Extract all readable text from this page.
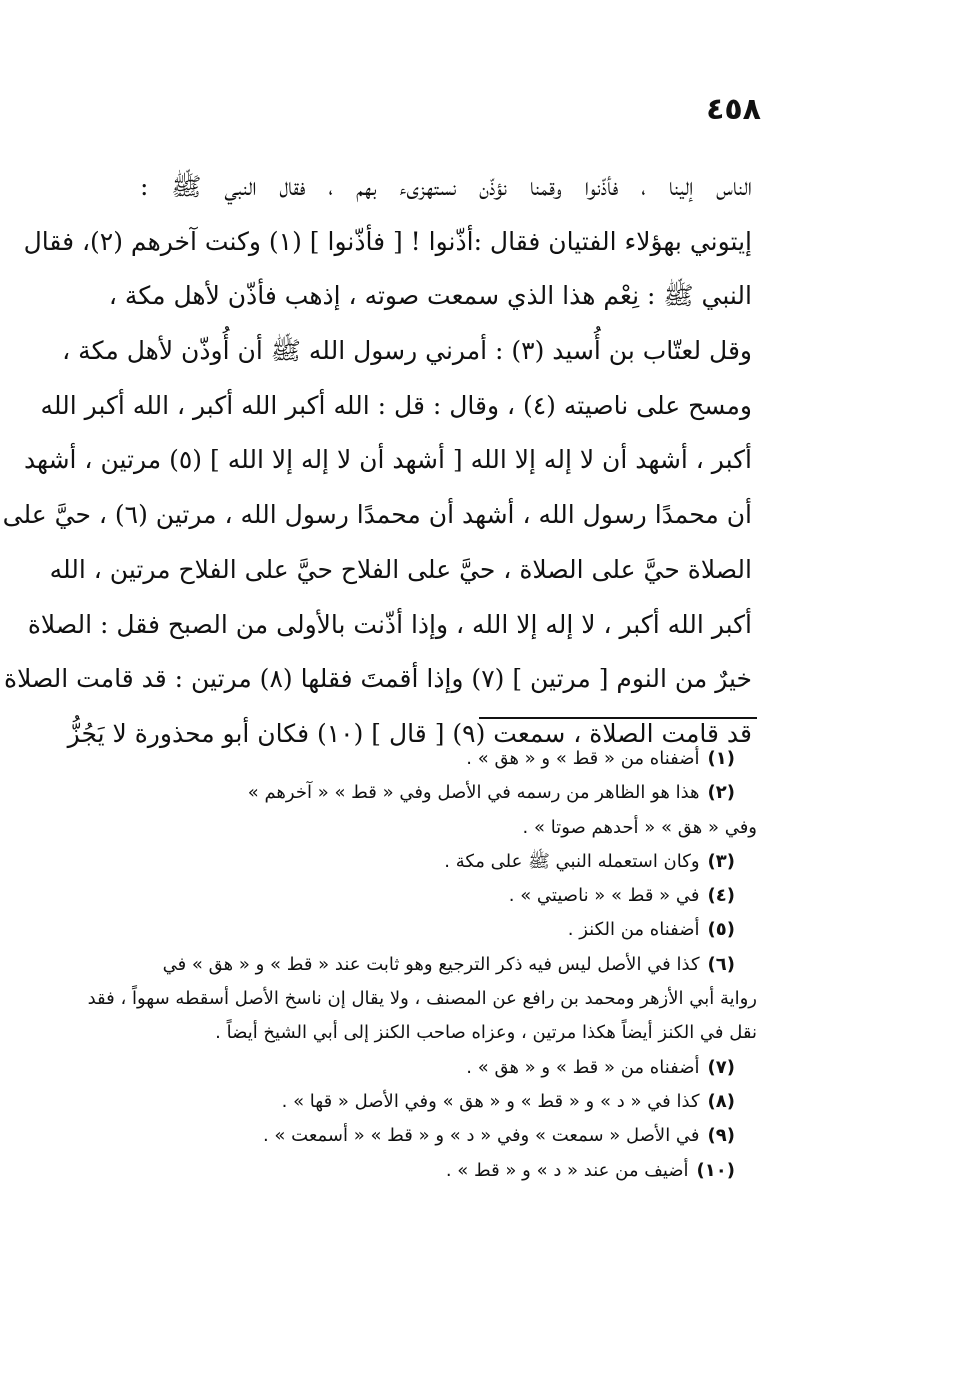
٤٥٨
الناس إلينا ، فأذّنوا وقمنا نؤذّن نستهزىء بهم ، فقال النبي ﷺ :
إيتوني بهؤلاء الفتيان فقال :أذّنوا ! [ فأذّنوا ] (١) وكنت آخرهم (٢)، فقال
النبي ﷺ : نِعْم هذا الذي سمعت صوته ، إذهب فأذّن لأهل مكة ،
وقل لعتّاب بن أُسيد (٣) : أمرني رسول الله ﷺ أن أُوذّن لأهل مكة ،
ومسح على ناصيته (٤) ، وقال : قل : الله أكبر الله أكبر ، الله أكبر الله
أكبر ، أشهد أن لا إله إلا الله [ أشهد أن لا إله إلا الله ] (٥) مرتين ، أشهد
أن محمدًا رسول الله ، أشهد أن محمدًا رسول الله ، مرتين (٦) ، حيَّ على
الصلاة حيَّ على الصلاة ، حيَّ على الفلاح حيَّ على الفلاح مرتين ، الله
أكبر الله أكبر ، لا إله إلا الله ، وإذا أذّنت بالأولى من الصبح فقل : الصلاة
خيرٌ من النوم [ مرتين ] (٧) وإذا أقمتَ فقلها (٨) مرتين : قد قامت الصلاة
قد قامت الصلاة ، سمعت (٩) [ قال ] (١٠) فكان أبو محذورة لا يَجُزُّ
(١)أضفناه من « قط » و « هق » .
(٢)هذا هو الظاهر من رسمه في الأصل وفي « قط » « آخرهم »
وفي « هق » « أحدهم صوتا » .
(٣)وكان استعمله النبي ﷺ على مكة .
(٤)في « قط » « ناصيتي » .
(٥)أضفناه من الكنز .
(٦)كذا في الأصل ليس فيه ذكر الترجيع وهو ثابت عند « قط » و « هق » في
رواية أبي الأزهر ومحمد بن رافع عن المصنف ، ولا يقال إن ناسخ الأصل أسقطه سهواً ، فقد
نقل في الكنز أيضاً هكذا مرتين ، وعزاه صاحب الكنز إلى أبي الشيخ أيضاً .
(٧)أضفناه من « قط » و « هق » .
(٨)كذا في « د » و « قط » و « هق » وفي الأصل « قها » .
(٩)في الأصل « سمعت » وفي « د » و « قط » « أسمعت » .
(١٠)أضيف من عند « د » و « قط » .
